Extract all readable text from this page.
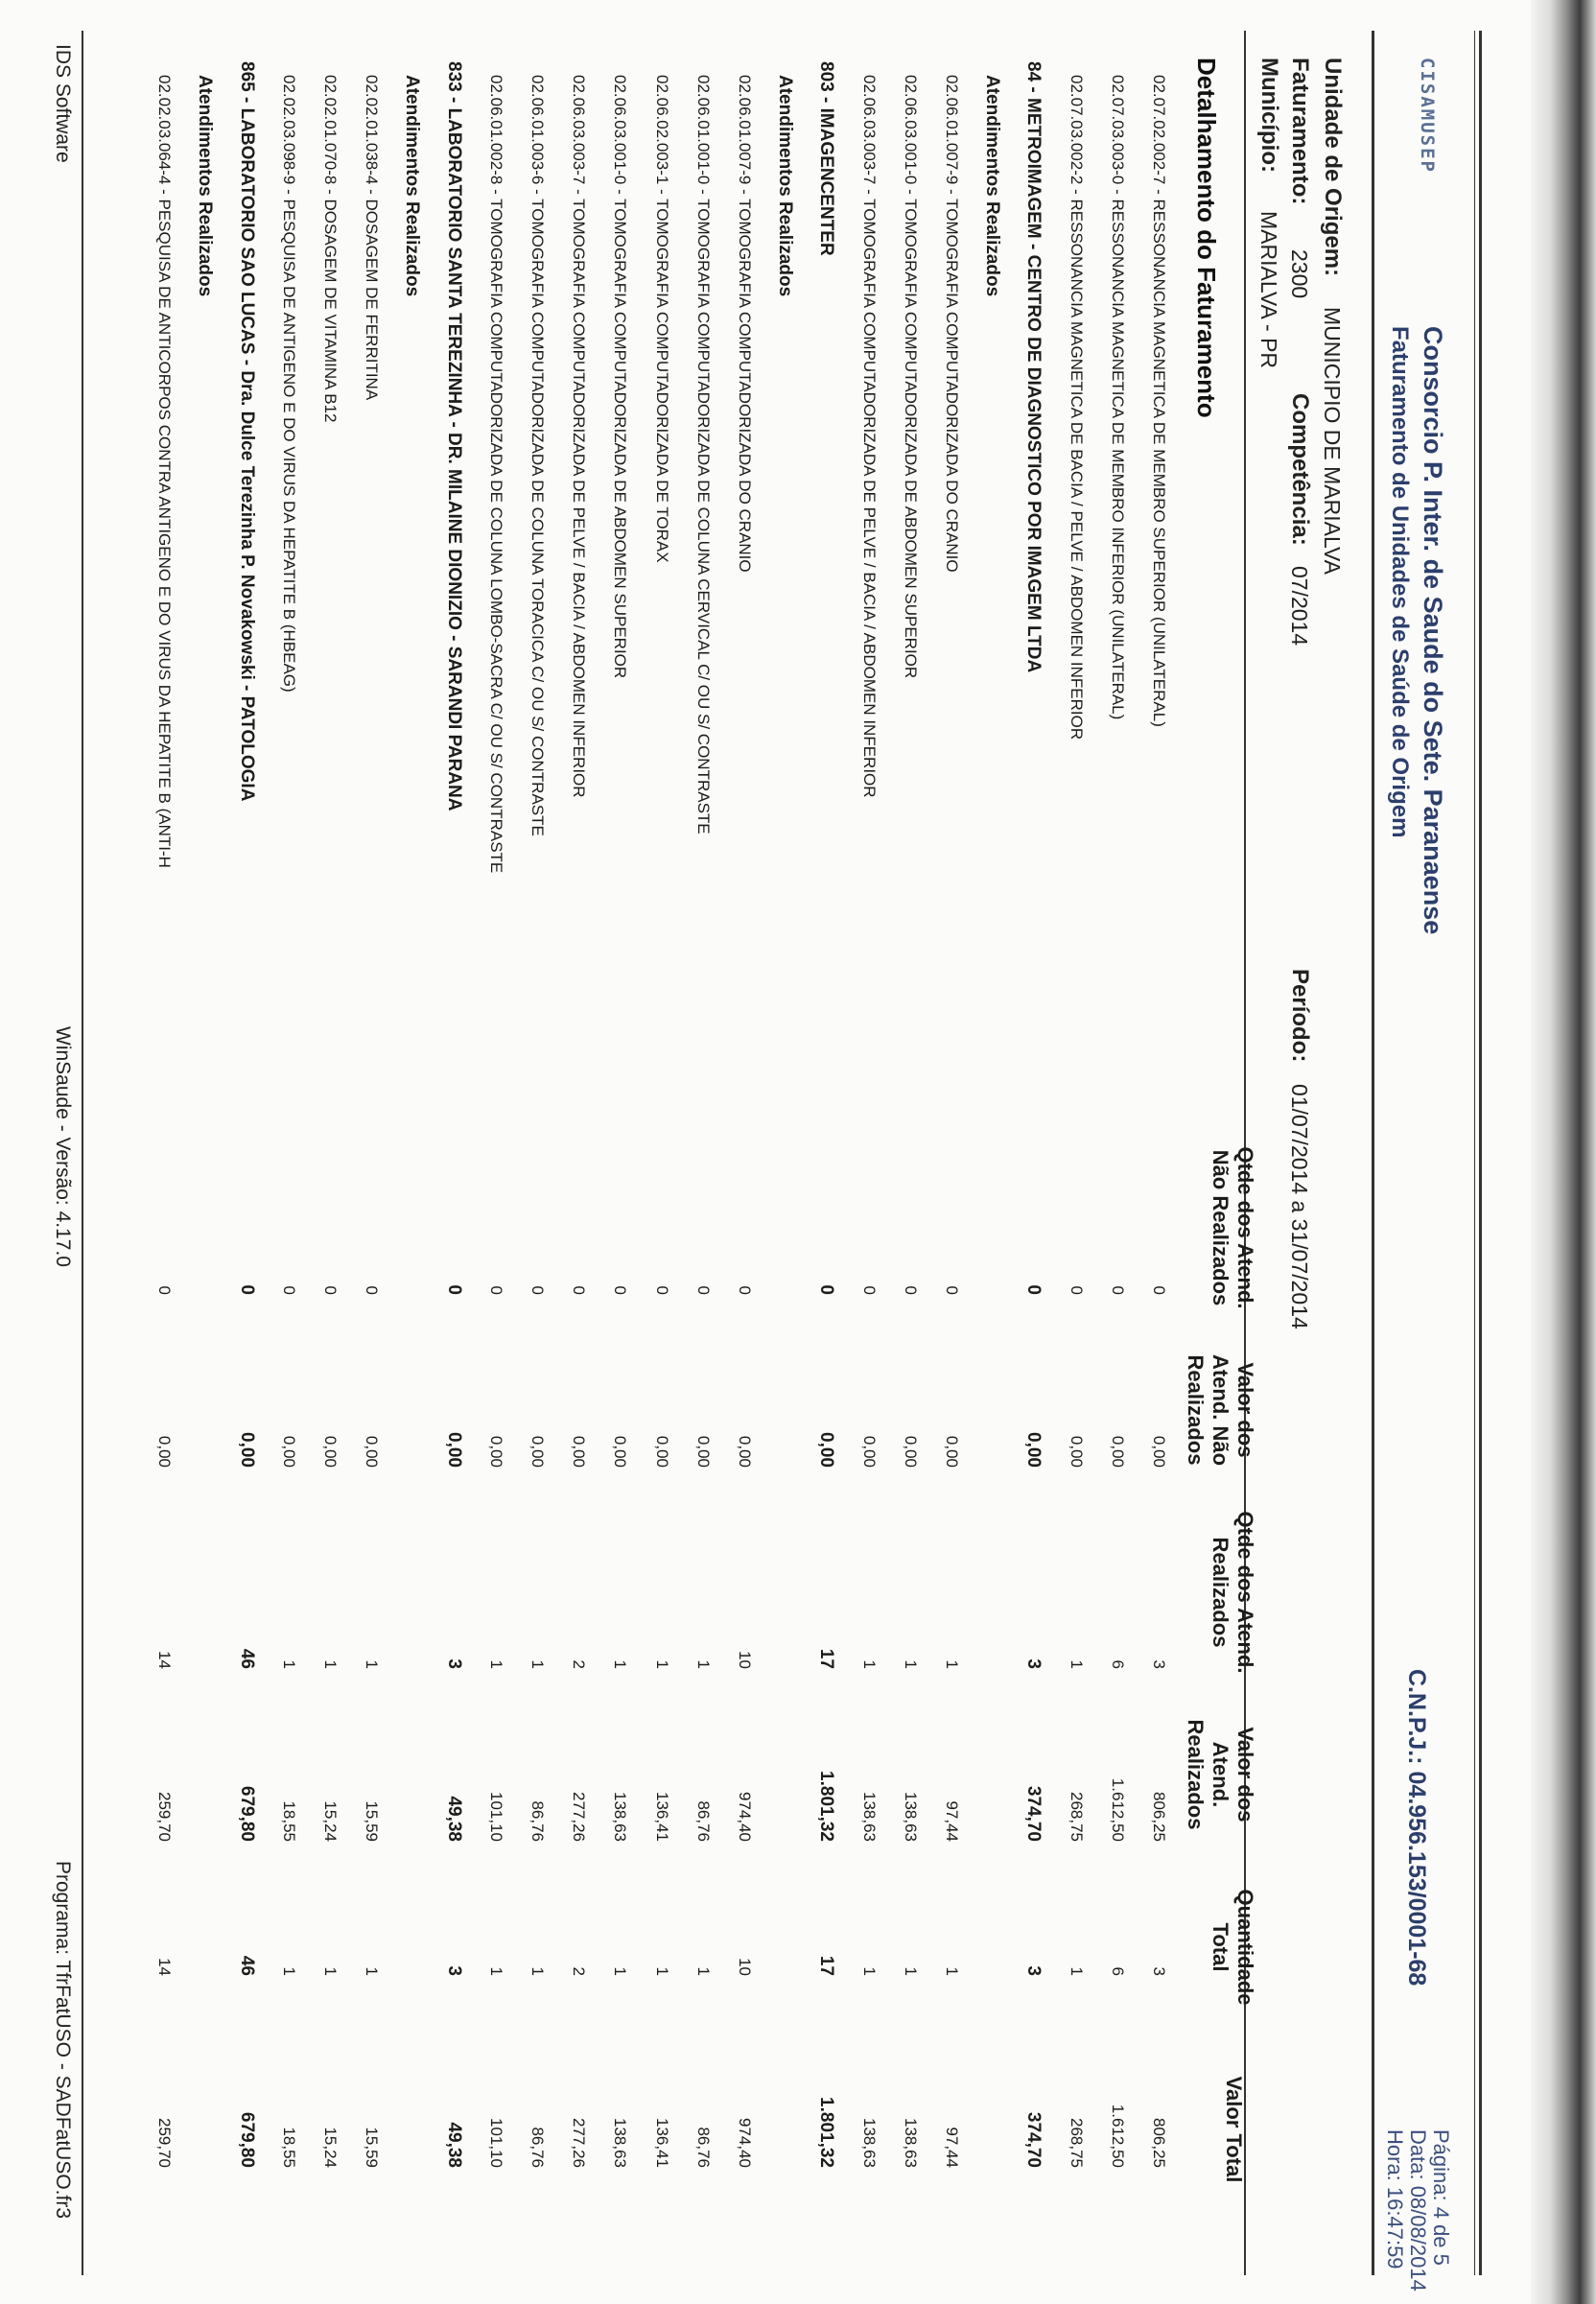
CISAMUSEP
Consorcio P. Inter. de Saude do Sete. Paranaense
Faturamento de Unidades de Saúde de Origem
C.N.P.J.: 04.956.153/0001-68
Página: 4 de 5
Data: 08/08/2014
Hora: 16:47:59
Unidade de Origem:
MUNICIPIO DE MARIALVA
Faturamento:
2300
Competência:
07/2014
Período:
01/07/2014 a 31/07/2014
Município:
MARIALVA - PR
Detalhamento do Faturamento
Qtde dos Atend. Não Realizados
Valor dos Atend. Não Realizados
Qtde dos Atend. Realizados
Valor dos Atend. Realizados
Quantidade Total
Valor Total
02.07.02.002-7 - RESSONANCIA MAGNETICA DE MEMBRO SUPERIOR (UNILATERAL)
0
0,00
3
806,25
3
806,25
02.07.03.003-0 - RESSONANCIA MAGNETICA DE MEMBRO INFERIOR (UNILATERAL)
0
0,00
6
1.612,50
6
1.612,50
02.07.03.002-2 - RESSONANCIA MAGNETICA DE BACIA / PELVE / ABDOMEN INFERIOR
0
0,00
1
268,75
1
268,75
84 - METROIMAGEM - CENTRO DE DIAGNOSTICO POR IMAGEM LTDA
0
0,00
3
374,70
3
374,70
Atendimentos Realizados
02.06.01.007-9 - TOMOGRAFIA COMPUTADORIZADA DO CRANIO
0
0,00
1
97,44
1
97,44
02.06.03.001-0 - TOMOGRAFIA COMPUTADORIZADA DE ABDOMEN SUPERIOR
0
0,00
1
138,63
1
138,63
02.06.03.003-7 - TOMOGRAFIA COMPUTADORIZADA DE PELVE / BACIA / ABDOMEN INFERIOR
0
0,00
1
138,63
1
138,63
803 - IMAGENCENTER
0
0,00
17
1.801,32
17
1.801,32
Atendimentos Realizados
02.06.01.007-9 - TOMOGRAFIA COMPUTADORIZADA DO CRANIO
0
0,00
10
974,40
10
974,40
02.06.01.001-0 - TOMOGRAFIA COMPUTADORIZADA DE COLUNA CERVICAL C/ OU S/ CONTRASTE
0
0,00
1
86,76
1
86,76
02.06.02.003-1 - TOMOGRAFIA COMPUTADORIZADA DE TORAX
0
0,00
1
136,41
1
136,41
02.06.03.001-0 - TOMOGRAFIA COMPUTADORIZADA DE ABDOMEN SUPERIOR
0
0,00
1
138,63
1
138,63
02.06.03.003-7 - TOMOGRAFIA COMPUTADORIZADA DE PELVE / BACIA / ABDOMEN INFERIOR
0
0,00
2
277,26
2
277,26
02.06.01.003-6 - TOMOGRAFIA COMPUTADORIZADA DE COLUNA TORACICA C/ OU S/ CONTRASTE
0
0,00
1
86,76
1
86,76
02.06.01.002-8 - TOMOGRAFIA COMPUTADORIZADA DE COLUNA LOMBO-SACRA C/ OU S/ CONTRASTE
0
0,00
1
101,10
1
101,10
833 - LABORATORIO SANTA TEREZINHA - DR. MILAINE DIONIZIO - SARANDI PARANA
0
0,00
3
49,38
3
49,38
Atendimentos Realizados
02.02.01.038-4 - DOSAGEM DE FERRITINA
0
0,00
1
15,59
1
15,59
02.02.01.070-8 - DOSAGEM DE VITAMINA B12
0
0,00
1
15,24
1
15,24
02.02.03.098-9 - PESQUISA DE ANTIGENO E DO VIRUS DA HEPATITE B (HBEAG)
0
0,00
1
18,55
1
18,55
865 - LABORATORIO SAO LUCAS - Dra. Dulce Terezinha P. Novakowski - PATOLOGIA
0
0,00
46
679,80
46
679,80
Atendimentos Realizados
02.02.03.064-4 - PESQUISA DE ANTICORPOS CONTRA ANTIGENO E DO VIRUS DA HEPATITE B (ANTI-H
0
0,00
14
259,70
14
259,70
IDS Software
WinSaude - Versão: 4.17.0
Programa: TfrFatUSO - SADFatUSO.fr3
